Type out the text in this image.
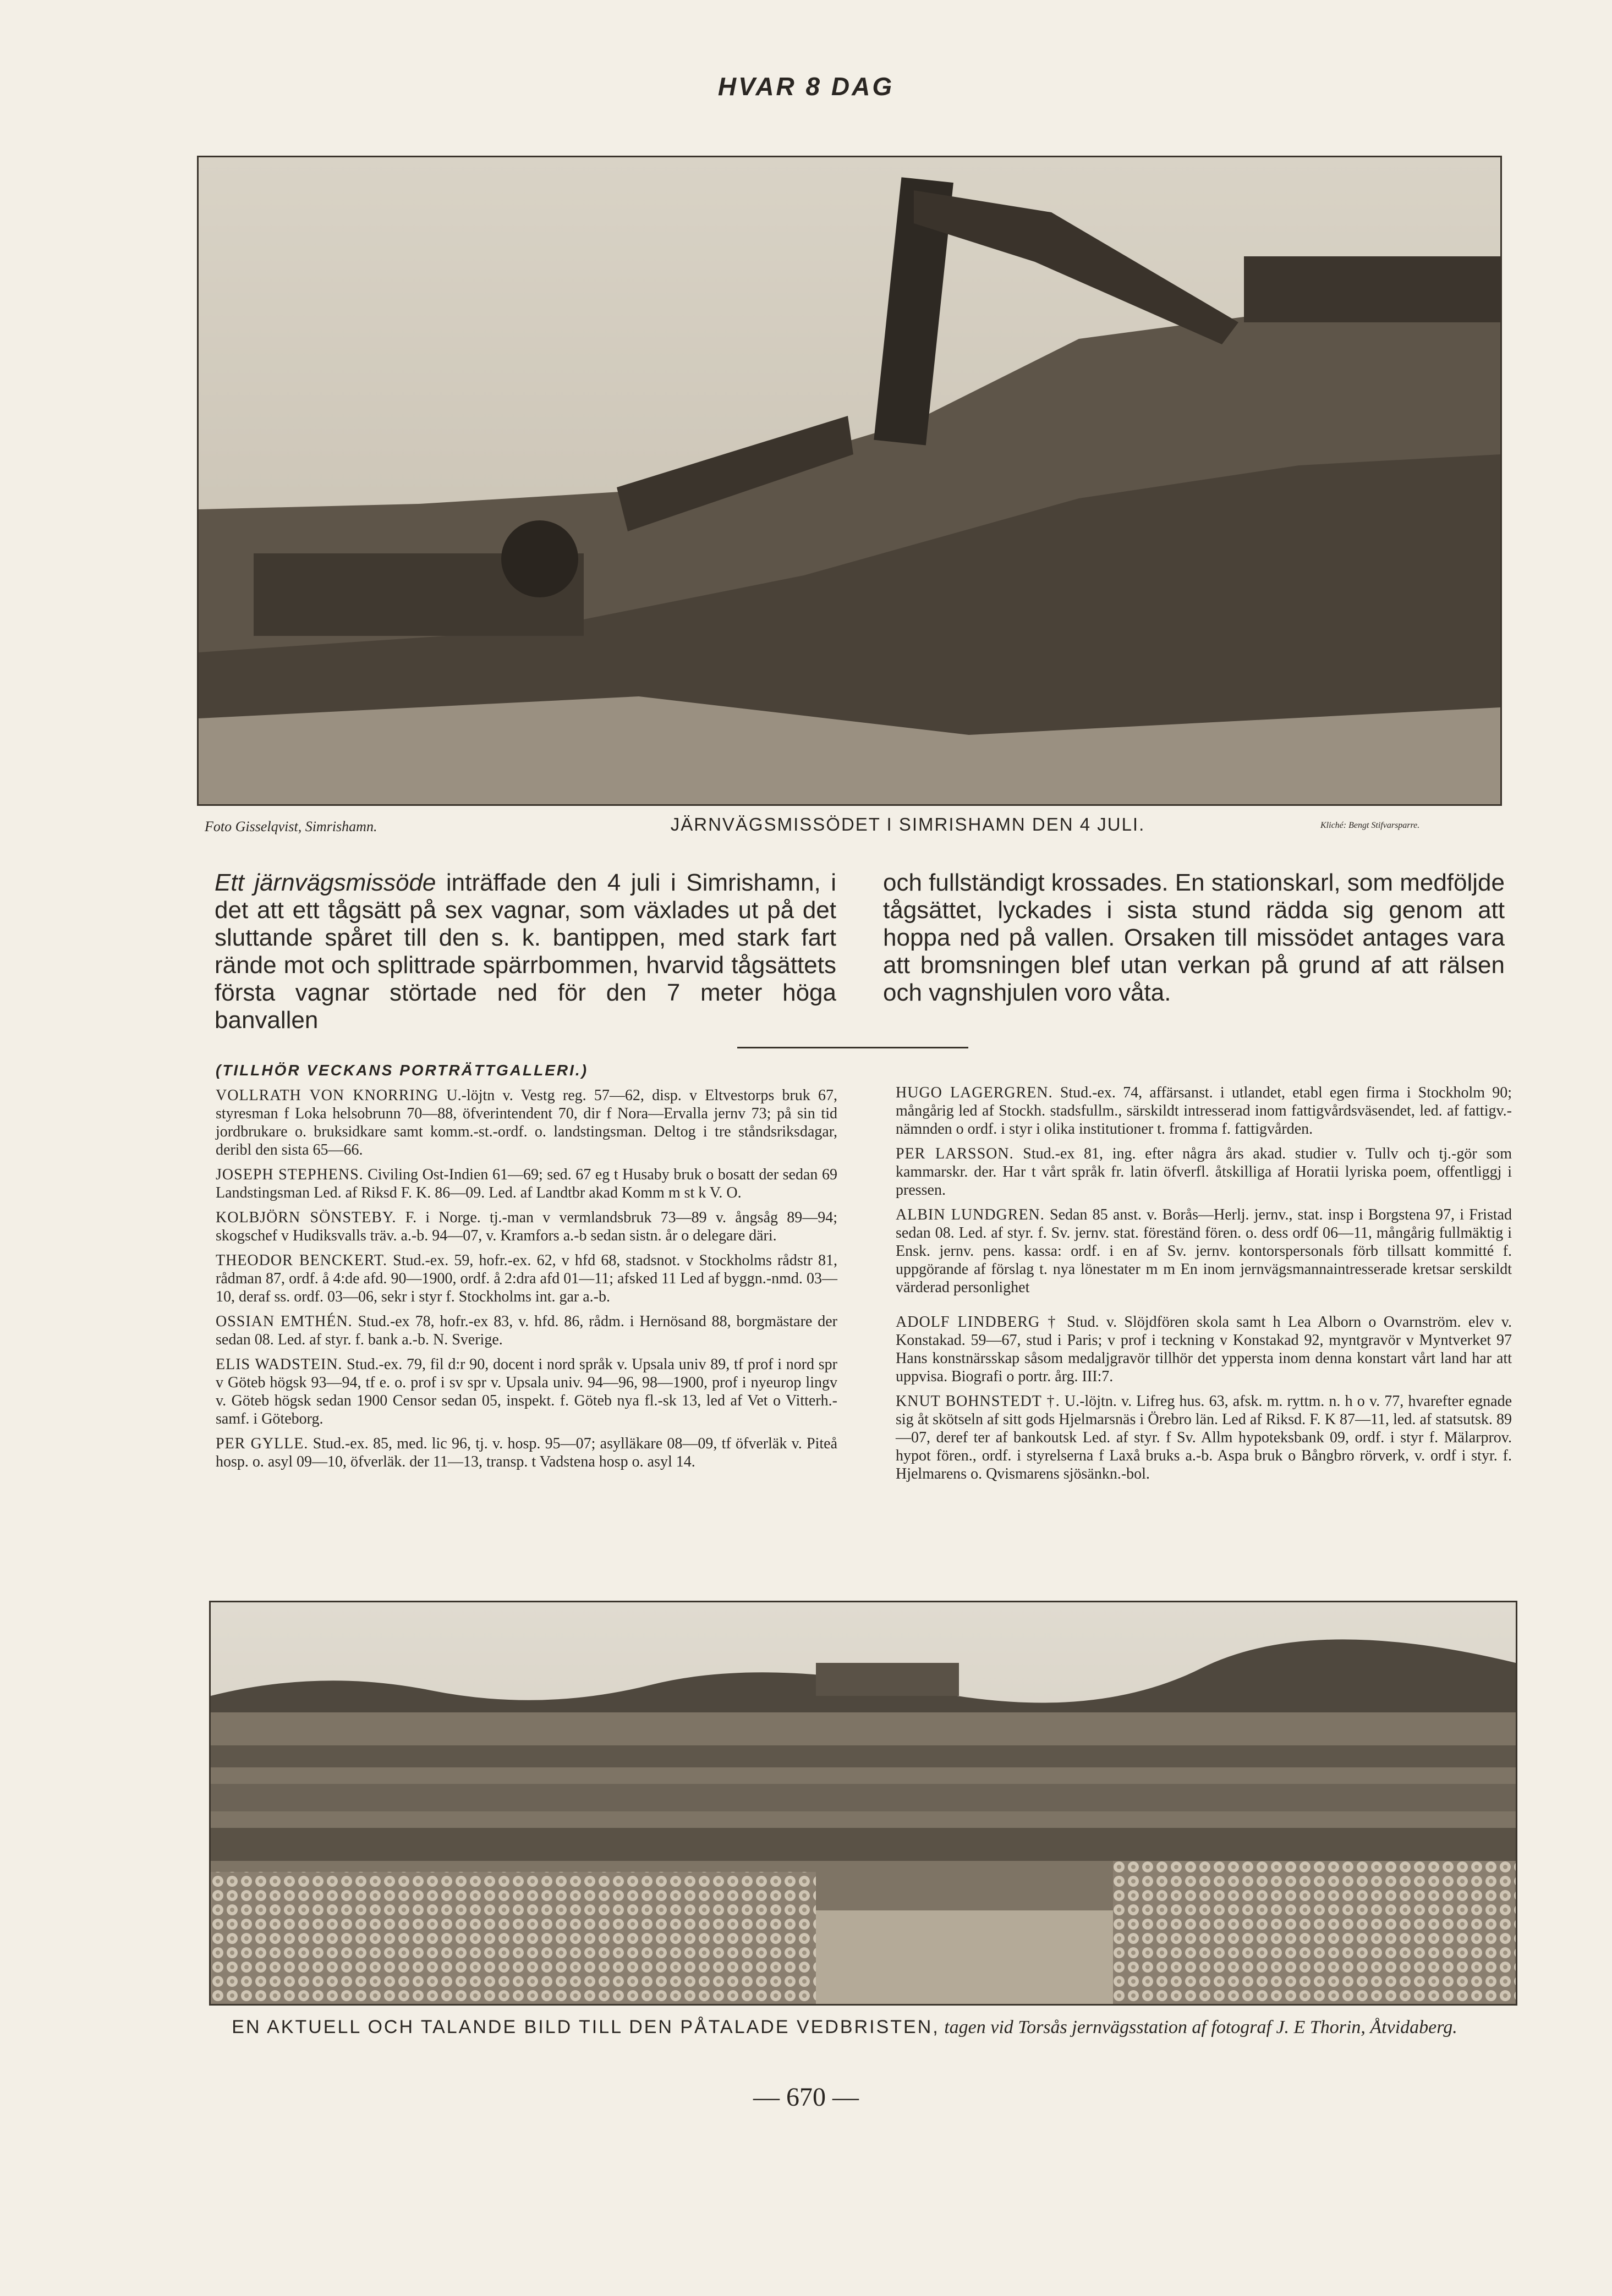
HVAR 8 DAG
Foto Gisselqvist, Simrishamn.	JÄRNVÄGSMISSÖDET I SIMRISHAMN DEN 4 JULI.	Kliché: Bengt Stifvarsparre.
Ett järnvägsmissöde inträffade den 4 juli i Simrishamn, i det att ett tågsätt på sex vagnar, som växlades ut på det sluttande spåret till den s. k. bantippen, med stark fart rände mot och splittrade spärrbommen, hvarvid tågsättets första vagnar störtade ned för den 7 meter höga banvallen
och fullständigt krossades. En stationskarl, som medföljde tågsättet, lyckades i sista stund rädda sig genom att hoppa ned på vallen. Orsaken till missödet antages vara att bromsningen blef utan verkan på grund af att rälsen och vagnshjulen voro våta.
(TILLHÖR VECKANS PORTRÄTTGALLERI.)

VOLLRATH VON KNORRING U.-löjtn v. Vestg reg. 57—62, disp. v Eltvestorps bruk 67, styresman f Loka helsobrunn 70—88, öfverintendent 70, dir f Nora—Ervalla jernv 73; på sin tid jordbrukare o. bruksidkare samt komm.-st.-ordf. o. landstingsman. Deltog i tre ståndsriksdagar, deribl den sista 65—66.

JOSEPH STEPHENS. Civiling Ost-Indien 61—69; sed. 67 eg t Husaby bruk o bosatt der sedan 69 Landstingsman Led. af Riksd F. K. 86—09. Led. af Landtbr akad Komm m st k V. O.

KOLBJÖRN SÖNSTEBY. F. i Norge. tj.-man v vermlandsbruk 73—89 v. ångsåg 89—94; skogschef v Hudiksvalls träv. a.-b. 94—07, v. Kramfors a.-b sedan sistn. år o delegare däri.

THEODOR BENCKERT. Stud.-ex. 59, hofr.-ex. 62, v hfd 68, stadsnot. v Stockholms rådstr 81, rådman 87, ordf. å 4:de afd. 90—1900, ordf. å 2:dra afd 01—11; afsked 11 Led af byggn.-nmd. 03—10, deraf ss. ordf. 03—06, sekr i styr f. Stockholms int. gar a.-b.

OSSIAN EMTHÉN. Stud.-ex 78, hofr.-ex 83, v. hfd. 86, rådm. i Hernösand 88, borgmästare der sedan 08. Led. af styr. f. bank a.-b. N. Sverige.

ELIS WADSTEIN. Stud.-ex. 79, fil d:r 90, docent i nord språk v. Upsala univ 89, tf prof i nord spr v Göteb högsk 93—94, tf e. o. prof i sv spr v. Upsala univ. 94—96, 98—1900, prof i nyeurop lingv v. Göteb högsk sedan 1900 Censor sedan 05, inspekt. f. Göteb nya fl.-sk 13, led af Vet o Vitterh.-samf. i Göteborg.

PER GYLLE. Stud.-ex. 85, med. lic 96, tj. v. hosp. 95—07; asylläkare 08—09, tf öfverläk v. Piteå hosp. o. asyl 09—10, öfverläk. der 11—13, transp. t Vadstena hosp o. asyl 14.

HUGO LAGERGREN. Stud.-ex. 74, affärsanst. i utlandet, etabl egen firma i Stockholm 90; mångårig led af Stockh. stadsfullm., särskildt intresserad inom fattigvårdsväsendet, led. af fattigv.-nämnden o ordf. i styr i olika institutioner t. fromma f. fattigvården.

PER LARSSON. Stud.-ex 81, ing. efter några års akad. studier v. Tullv och tj.-gör som kammarskr. der. Har t vårt språk fr. latin öfverfl. åtskilliga af Horatii lyriska poem, offentliggj i pressen.

ALBIN LUNDGREN. Sedan 85 anst. v. Borås—Herlj. jernv., stat. insp i Borgstena 97, i Fristad sedan 08. Led. af styr. f. Sv. jernv. stat. föreständ fören. o. dess ordf 06—11, mångårig fullmäktig i Ensk. jernv. pens. kassa: ordf. i en af Sv. jernv. kontorspersonals förb tillsatt kommitté f. uppgörande af förslag t. nya lönestater m m En inom jernvägsmannaintresserade kretsar serskildt värderad personlighet

ADOLF LINDBERG † Stud. v. Slöjdfören skola samt h Lea Alborn o Ovarnström. elev v. Konstakad. 59—67, stud i Paris; v prof i teckning v Konstakad 92, myntgravör v Myntverket 97 Hans konstnärsskap såsom medaljgravör tillhör det yppersta inom denna konstart vårt land har att uppvisa. Biografi o portr. årg. III:7.

KNUT BOHNSTEDT †. U.-löjtn. v. Lifreg hus. 63, afsk. m. ryttm. n. h o v. 77, hvarefter egnade sig åt skötseln af sitt gods Hjelmarsnäs i Örebro län. Led af Riksd. F. K 87—11, led. af statsutsk. 89—07, deref ter af bankoutsk Led. af styr. f Sv. Allm hypoteksbank 09, ordf. i styr f. Mälarprov. hypot fören., ordf. i styrelserna f Laxå bruks a.-b. Aspa bruk o Bångbro rörverk, v. ordf i styr. f. Hjelmarens o. Qvismarens sjösänkn.-bol.

EN AKTUELL OCH TALANDE BILD TILL DEN PÅTALADE VEDBRISTEN, tagen vid Torsås jernvägsstation af fotograf J. E Thorin, Åtvidaberg.
— 670 —
